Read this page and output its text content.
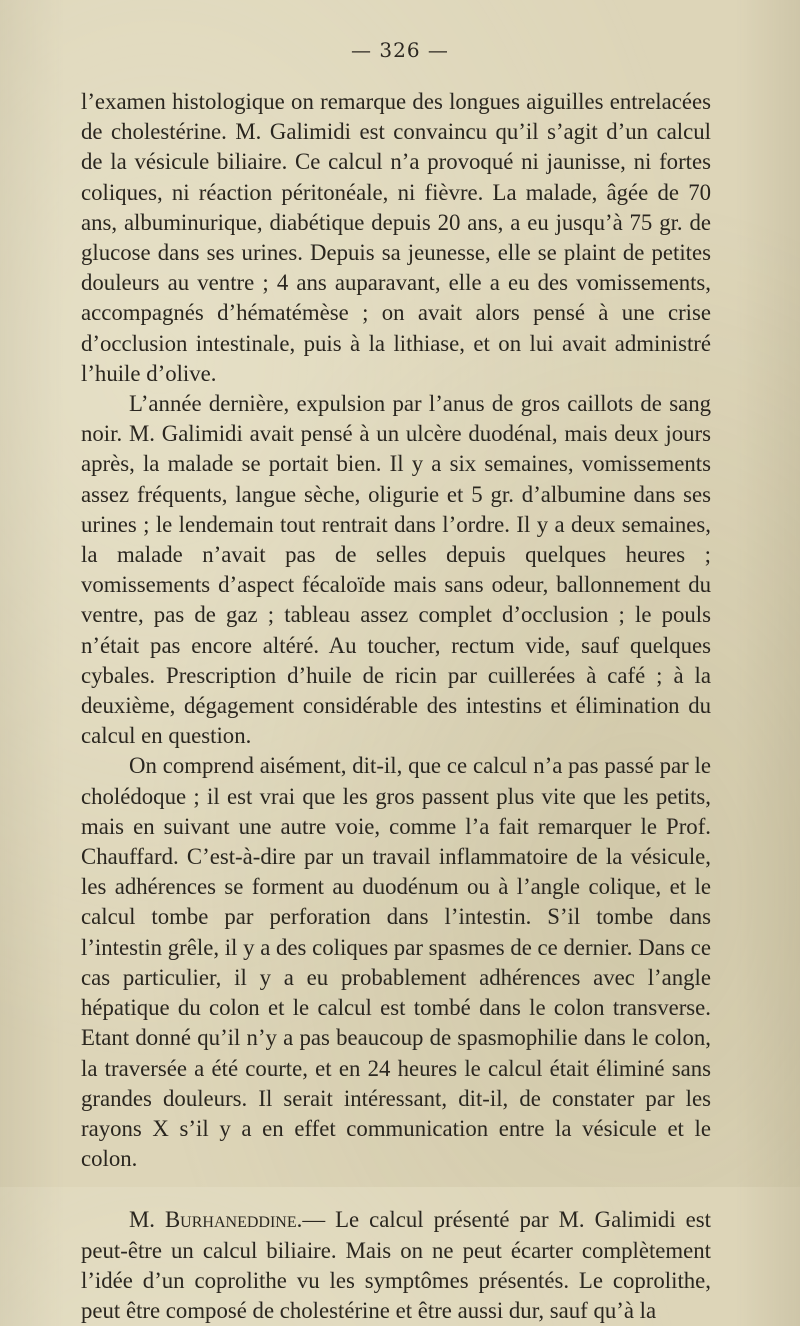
— 326 —

l’examen histologique on remarque des longues aiguilles entrelacées de cholestérine. M. Galimidi est convaincu qu’il s’agit d’un calcul de la vésicule biliaire. Ce calcul n’a provoqué ni jaunisse, ni fortes coliques, ni réaction péritonéale, ni fièvre. La malade, âgée de 70 ans, albuminurique, diabétique depuis 20 ans, a eu jusqu’à 75 gr. de glucose dans ses urines. Depuis sa jeunesse, elle se plaint de petites douleurs au ventre ; 4 ans auparavant, elle a eu des vomissements, accompagnés d’hématémèse ; on avait alors pensé à une crise d’occlusion intestinale, puis à la lithiase, et on lui avait administré l’huile d’olive.

L’année dernière, expulsion par l’anus de gros caillots de sang noir. M. Galimidi avait pensé à un ulcère duodénal, mais deux jours après, la malade se portait bien. Il y a six semaines, vomissements assez fréquents, langue sèche, oligurie et 5 gr. d’albumine dans ses urines ; le lendemain tout rentrait dans l’ordre. Il y a deux semaines, la malade n’avait pas de selles depuis quelques heures ; vomissements d’aspect fécaloïde mais sans odeur, ballonnement du ventre, pas de gaz ; tableau assez complet d’occlusion ; le pouls n’était pas encore altéré. Au toucher, rectum vide, sauf quelques cybales. Prescription d’huile de ricin par cuillerées à café ; à la deuxième, dégagement considérable des intestins et élimination du calcul en question.

On comprend aisément, dit-il, que ce calcul n’a pas passé par le cholédoque ; il est vrai que les gros passent plus vite que les petits, mais en suivant une autre voie, comme l’a fait remarquer le Prof. Chauffard. C’est-à-dire par un travail inflammatoire de la vésicule, les adhérences se forment au duodénum ou à l’angle colique, et le calcul tombe par perforation dans l’intestin. S’il tombe dans l’intestin grêle, il y a des coliques par spasmes de ce dernier. Dans ce cas particulier, il y a eu probablement adhérences avec l’angle hépatique du colon et le calcul est tombé dans le colon transverse. Etant donné qu’il n’y a pas beaucoup de spasmophilie dans le colon, la traversée a été courte, et en 24 heures le calcul était éliminé sans grandes douleurs. Il serait intéressant, dit-il, de constater par les rayons X s’il y a en effet communication entre la vésicule et le colon.

M. Burhaneddine.— Le calcul présenté par M. Galimidi est peut-être un calcul biliaire. Mais on ne peut écarter complètement l’idée d’un coprolithe vu les symptômes présentés. Le coprolithe, peut être composé de cholestérine et être aussi dur, sauf qu’à la
